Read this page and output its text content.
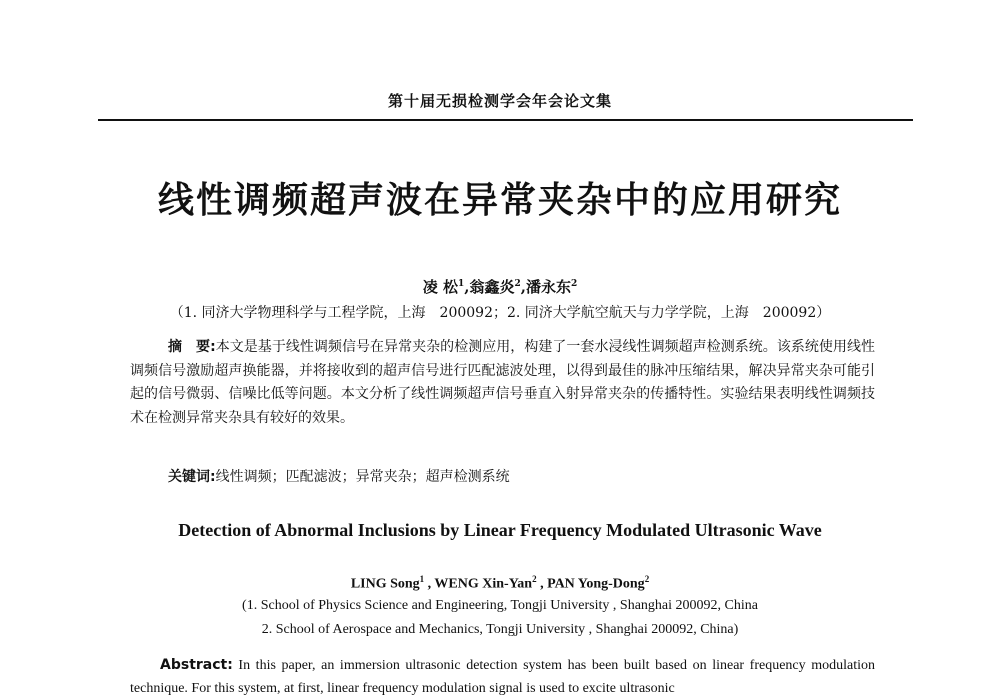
第十届无损检测学会年会论文集
线性调频超声波在异常夹杂中的应用研究
凌 松$^1$,翁鑫炎$^2$,潘永东$^2$
（1. 同济大学物理科学与工程学院，上海　200092；2. 同济大学航空航天与力学学院，上海　200092）
摘　要:本文是基于线性调频信号在异常夹杂的检测应用，构建了一套水浸线性调频超声检测系统。该系统使用线性调频信号激励超声换能器，并将接收到的超声信号进行匹配滤波处理，以得到最佳的脉冲压缩结果，解决异常夹杂可能引起的信号微弱、信噪比低等问题。本文分析了线性调频超声信号垂直入射异常夹杂的传播特性。实验结果表明线性调频技术在检测异常夹杂具有较好的效果。
关键词:线性调频；匹配滤波；异常夹杂；超声检测系统
Detection of Abnormal Inclusions by Linear Frequency Modulated Ultrasonic Wave
LING Song$^1$ , WENG Xin-Yan$^2$ , PAN Yong-Dong$^2$
(1. School of Physics Science and Engineering, Tongji University , Shanghai 200092, China
2. School of Aerospace and Mechanics, Tongji University , Shanghai 200092, China)
Abstract: In this paper, an immersion ultrasonic detection system has been built based on linear frequency modulation technique. For this system, at first, linear frequency modulation signal is used to excite ultrasonic
